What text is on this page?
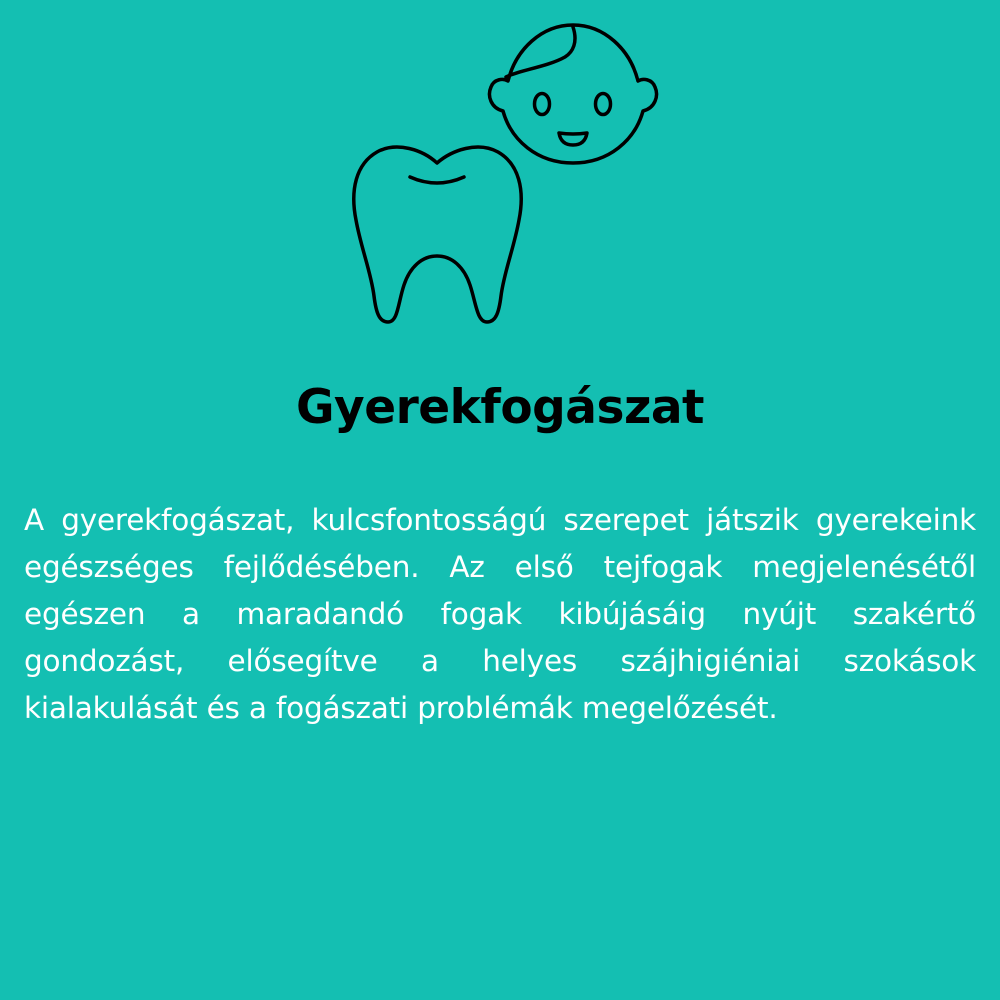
Gyerekfogászat

A gyerekfogászat, kulcsfontosságú szerepet játszik gyerekeink egészséges fejlődésében. Az első tejfogak megjelenésétől egészen a maradandó fogak kibújásáig nyújt szakértő gondozást, elősegítve a helyes szájhigiéniai szokások kialakulását és a fogászati problémák megelőzését.
